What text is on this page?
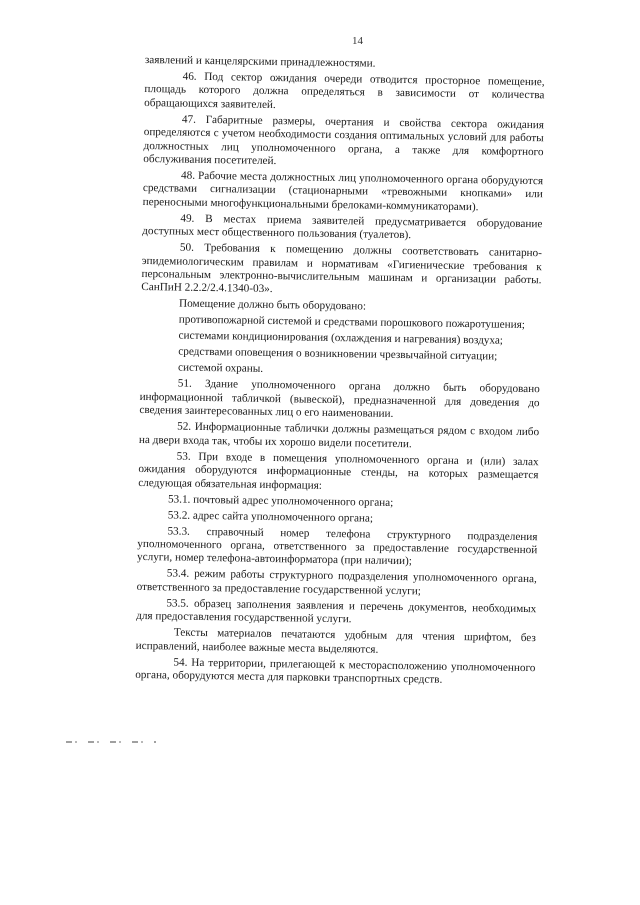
14

заявлений и канцелярскими принадлежностями.

46. Под сектор ожидания очереди отводится просторное помещение, площадь которого должна определяться в зависимости от количества обращающихся заявителей.

47. Габаритные размеры, очертания и свойства сектора ожидания определяются с учетом необходимости создания оптимальных условий для работы должностных лиц уполномоченного органа, а также для комфортного обслуживания посетителей.

48. Рабочие места должностных лиц уполномоченного органа оборудуются средствами сигнализации (стационарными «тревожными кнопками» или переносными многофункциональными брелоками-коммуникаторами).

49. В местах приема заявителей предусматривается оборудование доступных мест общественного пользования (туалетов).

50. Требования к помещению должны соответствовать санитарно-эпидемиологическим правилам и нормативам «Гигиенические требования к персональным электронно-вычислительным машинам и организации работы. СанПиН 2.2.2/2.4.1340-03».

Помещение должно быть оборудовано:

противопожарной системой и средствами порошкового пожаротушения;

системами кондиционирования (охлаждения и нагревания) воздуха;

средствами оповещения о возникновении чрезвычайной ситуации;

системой охраны.

51. Здание уполномоченного органа должно быть оборудовано информационной табличкой (вывеской), предназначенной для доведения до сведения заинтересованных лиц о его наименовании.

52. Информационные таблички должны размещаться рядом с входом либо на двери входа так, чтобы их хорошо видели посетители.

53. При входе в помещения уполномоченного органа и (или) залах ожидания оборудуются информационные стенды, на которых размещается следующая обязательная информация:

53.1. почтовый адрес уполномоченного органа;

53.2. адрес сайта уполномоченного органа;

53.3. справочный номер телефона структурного подразделения уполномоченного органа, ответственного за предоставление государственной услуги, номер телефона-автоинформатора (при наличии);

53.4. режим работы структурного подразделения уполномоченного органа, ответственного за предоставление государственной услуги;

53.5. образец заполнения заявления и перечень документов, необходимых для предоставления государственной услуги.

Тексты материалов печатаются удобным для чтения шрифтом, без исправлений, наиболее важные места выделяются.

54. На территории, прилегающей к месторасположению уполномоченного органа, оборудуются места для парковки транспортных средств.
